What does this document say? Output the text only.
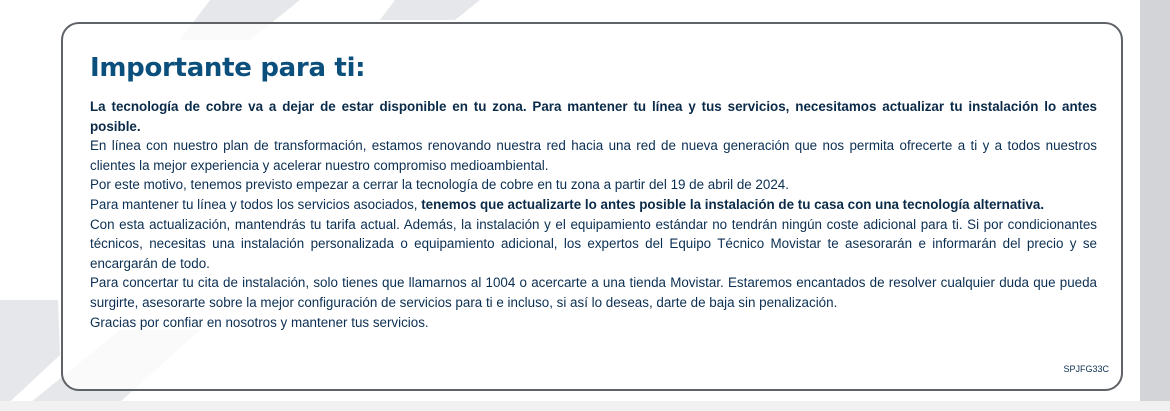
Importante para ti:

La tecnología de cobre va a dejar de estar disponible en tu zona. Para mantener tu línea y tus servicios, necesitamos actualizar tu instalación lo antes posible.

En línea con nuestro plan de transformación, estamos renovando nuestra red hacia una red de nueva generación que nos permita ofrecerte a ti y a todos nuestros clientes la mejor experiencia y acelerar nuestro compromiso medioambiental.

Por este motivo, tenemos previsto empezar a cerrar la tecnología de cobre en tu zona a partir del 19 de abril de 2024.

Para mantener tu línea y todos los servicios asociados, tenemos que actualizarte lo antes posible la instalación de tu casa con una tecnología alternativa.

Con esta actualización, mantendrás tu tarifa actual. Además, la instalación y el equipamiento estándar no tendrán ningún coste adicional para ti. Si por condicionantes técnicos, necesitas una instalación personalizada o equipamiento adicional, los expertos del Equipo Técnico Movistar te asesorarán e informarán del precio y se encargarán de todo.

Para concertar tu cita de instalación, solo tienes que llamarnos al 1004 o acercarte a una tienda Movistar. Estaremos encantados de resolver cualquier duda que pueda surgirte, asesorarte sobre la mejor configuración de servicios para ti e incluso, si así lo deseas, darte de baja sin penalización.

Gracias por confiar en nosotros y mantener tus servicios.

SPJFG33C
